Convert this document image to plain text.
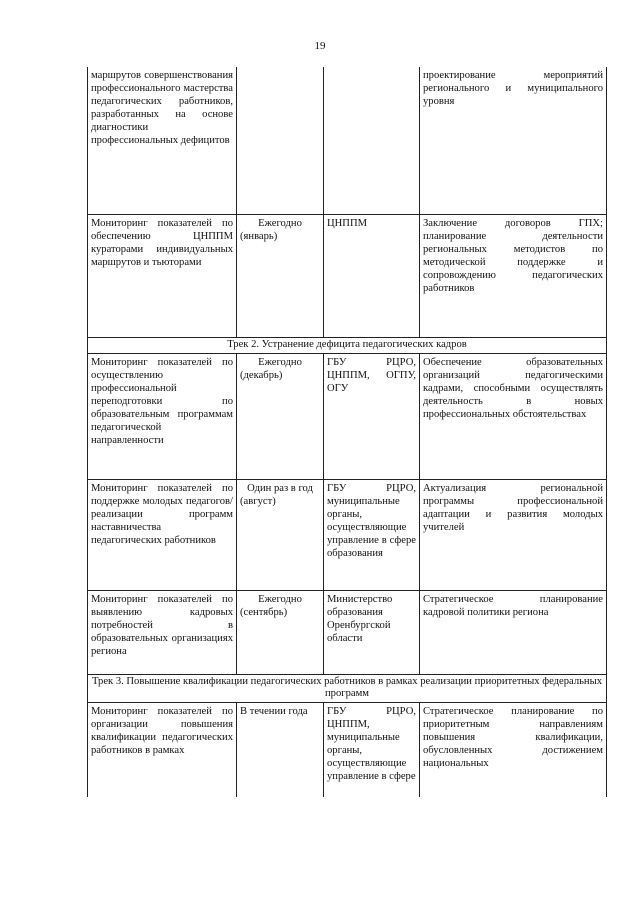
19
маршрутов совершенствования профессионального мастерства педагогических работников, разработанных на основе диагностики профессиональных дефицитов			проектирование мероприятий регионального и муниципального уровня
Мониторинг показателей по обеспечению ЦНППМ кураторами индивидуальных маршрутов и тьюторами	Ежегодно (январь)	ЦНППМ	Заключение договоров ГПХ; планирование деятельности региональных методистов по методической поддержке и сопровождению педагогических работников
Трек 2. Устранение дефицита педагогических кадров			
Мониторинг показателей по осуществлению профессиональной переподготовки по образовательным программам педагогической направленности	Ежегодно (декабрь)	ГБУ РЦРО, ЦНППМ, ОГПУ, ОГУ	Обеспечение образовательных организаций педагогическими кадрами, способными осуществлять деятельность в новых профессиональных обстоятельствах
Мониторинг показателей по поддержке молодых педагогов/реализации программ наставничества педагогических работников	Один раз в год (август)	ГБУ РЦРО, муниципальные органы, осуществляющие управление в сфере образования	Актуализация региональной программы профессиональной адаптации и развития молодых учителей
Мониторинг показателей по выявлению кадровых потребностей в образовательных организациях региона	Ежегодно (сентябрь)	Министерство образования Оренбургской области	Стратегическое планирование кадровой политики региона
Трек 3. Повышение квалификации педагогических работников в рамках реализации приоритетных федеральных программ			
Мониторинг показателей по организации повышения квалификации педагогических работников в рамках	В течении года	ГБУ РЦРО, ЦНППМ, муниципальные органы, осуществляющие управление в сфере	Стратегическое планирование по приоритетным направлениям повышения квалификации, обусловленных достижением национальных
